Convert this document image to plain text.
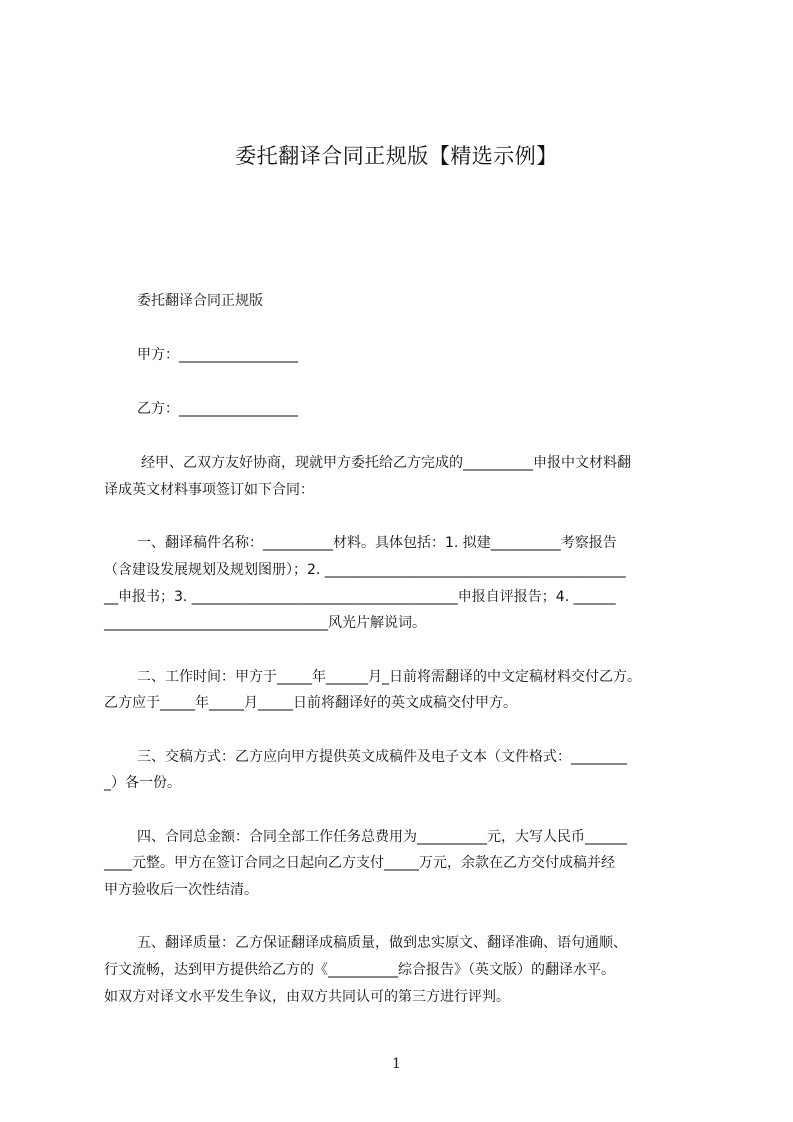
委托翻译合同正规版【精选示例】
委托翻译合同正规版
甲方：_________________
乙方：_________________
经甲、乙双方友好协商，现就甲方委托给乙方完成的__________申报中文材料翻
译成英文材料事项签订如下合同：
一、翻译稿件名称：__________材料。具体包括：1. 拟建__________考察报告
（含建设发展规划及规划图册）；2. ___________________________________________
__申报书；3. ______________________________________申报自评报告；4. ______
________________________________风光片解说词。
二、工作时间：甲方于_____年______月_日前将需翻译的中文定稿材料交付乙方。
乙方应于_____年_____月_____日前将翻译好的英文成稿交付甲方。
三、交稿方式：乙方应向甲方提供英文成稿件及电子文本（文件格式：________
_）各一份。
四、合同总金额：合同全部工作任务总费用为__________元，大写人民币______
____元整。甲方在签订合同之日起向乙方支付_____万元，余款在乙方交付成稿并经
甲方验收后一次性结清。
五、翻译质量：乙方保证翻译成稿质量，做到忠实原文、翻译准确、语句通顺、
行文流畅，达到甲方提供给乙方的《__________综合报告》（英文版）的翻译水平。
如双方对译文水平发生争议，由双方共同认可的第三方进行评判。
1
